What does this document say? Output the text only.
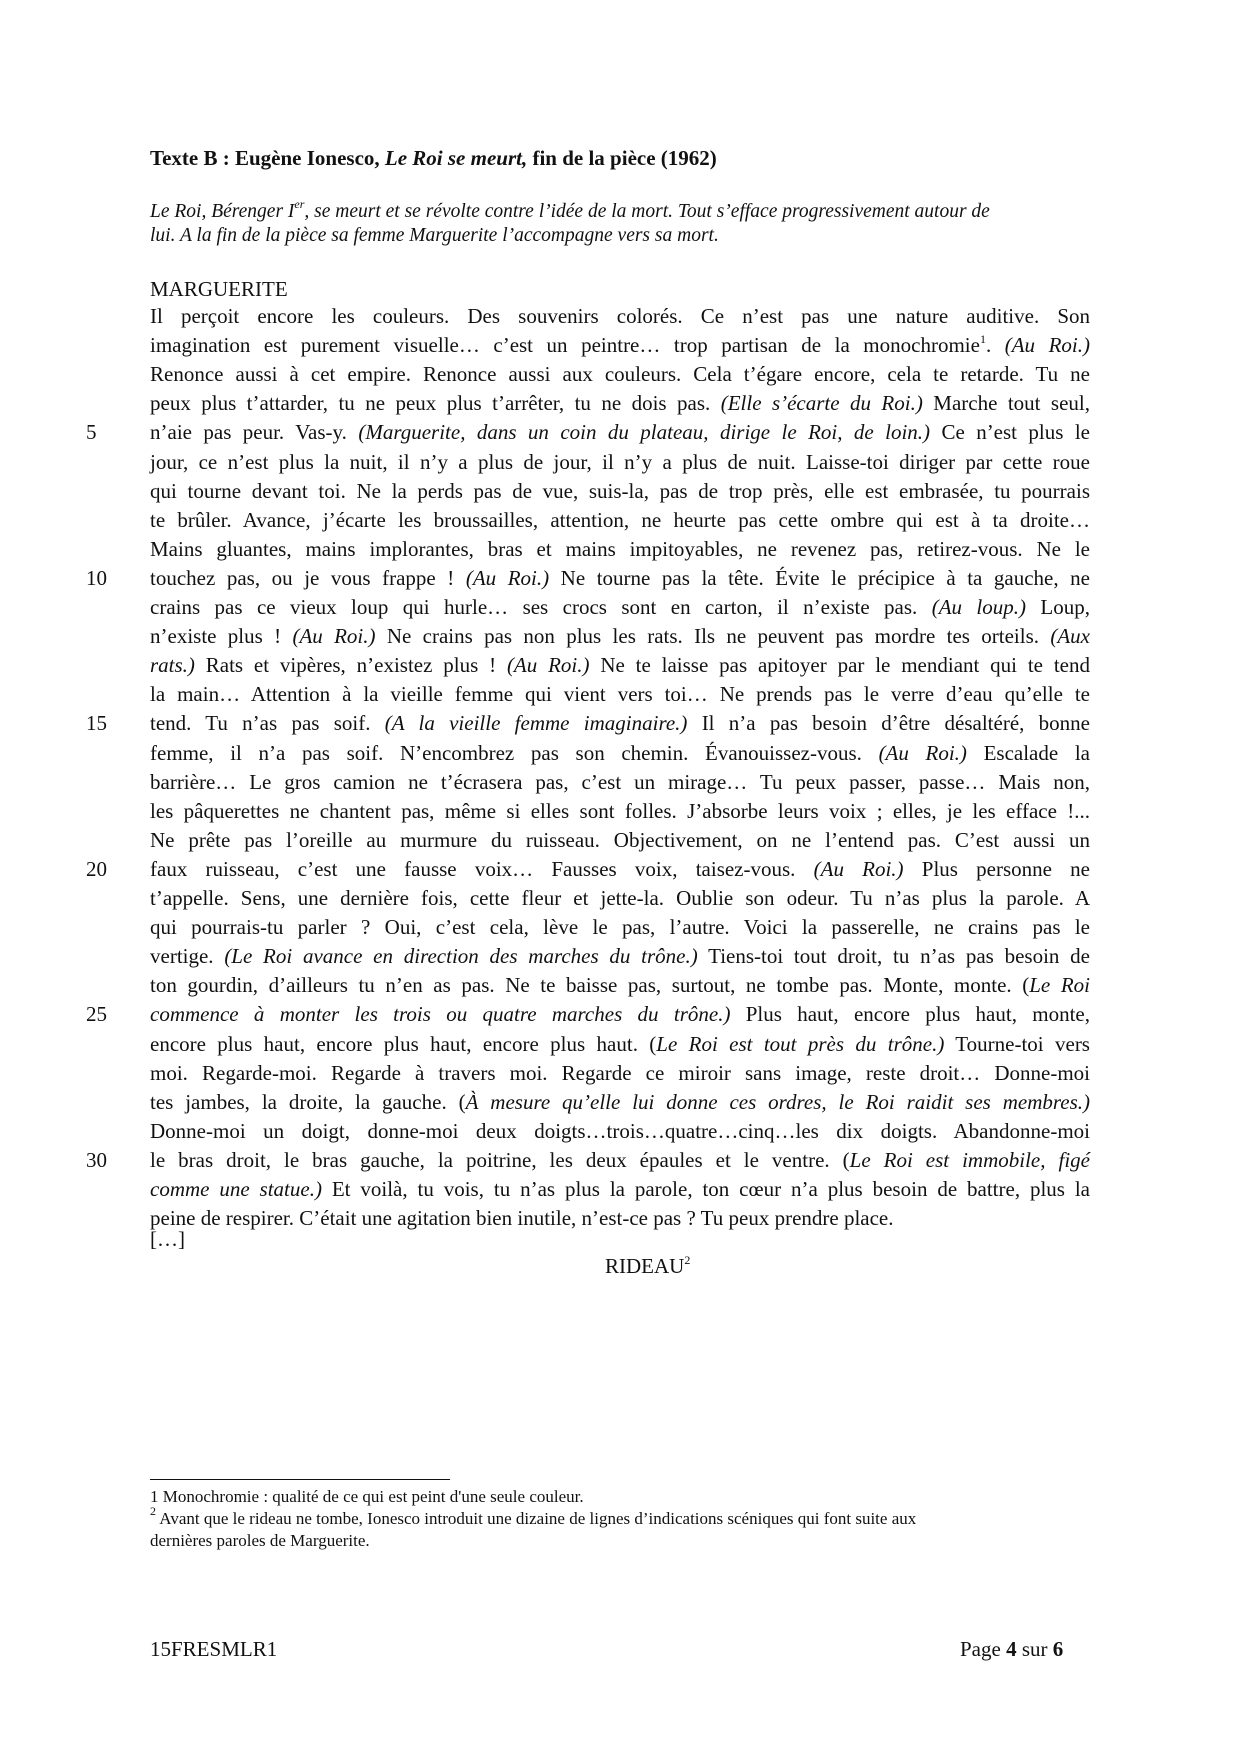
Texte B : Eugène Ionesco, Le Roi se meurt, fin de la pièce (1962)
Le Roi, Bérenger Ier, se meurt et se révolte contre l’idée de la mort. Tout s’efface progressivement autour de
lui. A la fin de la pièce sa femme Marguerite l’accompagne vers sa mort.
MARGUERITE
Il perçoit encore les couleurs. Des souvenirs colorés. Ce n’est pas une nature auditive. Son
imagination est purement visuelle… c’est un peintre… trop partisan de la monochromie$^1$. (Au Roi.)
Renonce aussi à cet empire. Renonce aussi aux couleurs. Cela t’égare encore, cela te retarde. Tu ne
peux plus t’attarder, tu ne peux plus t’arrêter, tu ne dois pas. (Elle s’écarte du Roi.) Marche tout seul,
n’aie pas peur. Vas-y. (Marguerite, dans un coin du plateau, dirige le Roi, de loin.) Ce n’est plus le
jour, ce n’est plus la nuit, il n’y a plus de jour, il n’y a plus de nuit. Laisse-toi diriger par cette roue
qui tourne devant toi. Ne la perds pas de vue, suis-la, pas de trop près, elle est embrasée, tu pourrais
te brûler. Avance, j’écarte les broussailles, attention, ne heurte pas cette ombre qui est à ta droite…
Mains gluantes, mains implorantes, bras et mains impitoyables, ne revenez pas, retirez-vous. Ne le
touchez pas, ou je vous frappe ! (Au Roi.) Ne tourne pas la tête. Évite le précipice à ta gauche, ne
crains pas ce vieux loup qui hurle… ses crocs sont en carton, il n’existe pas. (Au loup.) Loup,
n’existe plus ! (Au Roi.) Ne crains pas non plus les rats. Ils ne peuvent pas mordre tes orteils. (Aux
rats.) Rats et vipères, n’existez plus ! (Au Roi.) Ne te laisse pas apitoyer par le mendiant qui te tend
la main… Attention à la vieille femme qui vient vers toi… Ne prends pas le verre d’eau qu’elle te
tend. Tu n’as pas soif. (A la vieille femme imaginaire.) Il n’a pas besoin d’être désaltéré, bonne
femme, il n’a pas soif. N’encombrez pas son chemin. Évanouissez-vous. (Au Roi.) Escalade la
barrière… Le gros camion ne t’écrasera pas, c’est un mirage… Tu peux passer, passe… Mais non,
les pâquerettes ne chantent pas, même si elles sont folles. J’absorbe leurs voix ; elles, je les efface !...
Ne prête pas l’oreille au murmure du ruisseau. Objectivement, on ne l’entend pas. C’est aussi un
faux ruisseau, c’est une fausse voix… Fausses voix, taisez-vous. (Au Roi.) Plus personne ne
t’appelle. Sens, une dernière fois, cette fleur et jette-la. Oublie son odeur. Tu n’as plus la parole. A
qui pourrais-tu parler ? Oui, c’est cela, lève le pas, l’autre. Voici la passerelle, ne crains pas le
vertige. (Le Roi avance en direction des marches du trône.) Tiens-toi tout droit, tu n’as pas besoin de
ton gourdin, d’ailleurs tu n’en as pas. Ne te baisse pas, surtout, ne tombe pas. Monte, monte. (Le Roi
commence à monter les trois ou quatre marches du trône.) Plus haut, encore plus haut, monte,
encore plus haut, encore plus haut, encore plus haut. (Le Roi est tout près du trône.) Tourne-toi vers
moi. Regarde-moi. Regarde à travers moi. Regarde ce miroir sans image, reste droit… Donne-moi
tes jambes, la droite, la gauche. (À mesure qu’elle lui donne ces ordres, le Roi raidit ses membres.)
Donne-moi un doigt, donne-moi deux doigts…trois…quatre…cinq…les dix doigts. Abandonne-moi
le bras droit, le bras gauche, la poitrine, les deux épaules et le ventre. (Le Roi est immobile, figé
comme une statue.) Et voilà, tu vois, tu n’as plus la parole, ton cœur n’a plus besoin de battre, plus la
peine de respirer. C’était une agitation bien inutile, n’est-ce pas ? Tu peux prendre place.
5
10
15
20
25
30
[…]
RIDEAU$^2$
1 Monochromie : qualité de ce qui est peint d'une seule couleur.
$^2$ Avant que le rideau ne tombe, Ionesco introduit une dizaine de lignes d’indications scéniques qui font suite aux
dernières paroles de Marguerite.
15FRESMLR1	Page 4 sur 6
